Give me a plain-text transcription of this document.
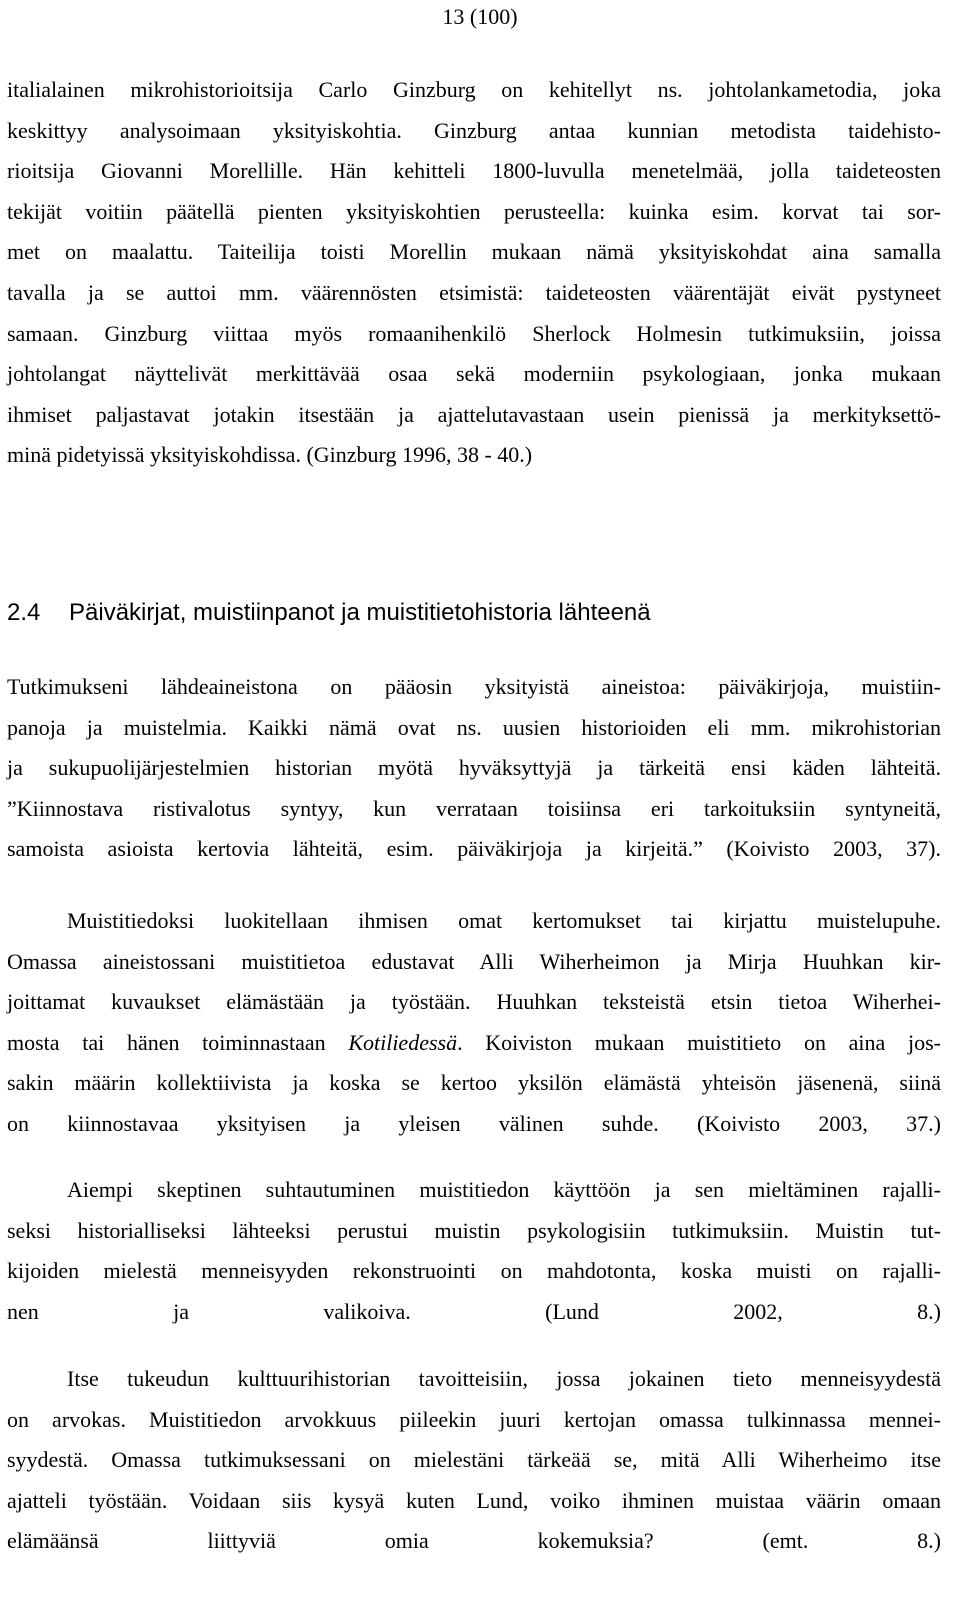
13 (100)
italialainen mikrohistorioitsija Carlo Ginzburg on kehitellyt ns. johtolankametodia, joka
keskittyy analysoimaan yksityiskohtia. Ginzburg antaa kunnian metodista taidehisto-
rioitsija Giovanni Morellille. Hän kehitteli 1800-luvulla menetelmää, jolla taideteosten
tekijät voitiin päätellä pienten yksityiskohtien perusteella: kuinka esim. korvat tai sor-
met on maalattu. Taiteilija toisti Morellin mukaan nämä yksityiskohdat aina samalla
tavalla ja se auttoi mm. väärennösten etsimistä: taideteosten väärentäjät eivät pystyneet
samaan. Ginzburg viittaa myös romaanihenkilö Sherlock Holmesin tutkimuksiin, joissa
johtolangat näyttelivät merkittävää osaa sekä moderniin psykologiaan, jonka mukaan
ihmiset paljastavat jotakin itsestään ja ajattelutavastaan usein pienissä ja merkityksettö-
minä pidetyissä yksityiskohdissa. (Ginzburg 1996, 38 - 40.)
2.4 Päiväkirjat, muistiinpanot ja muistitietohistoria lähteenä
Tutkimukseni lähdeaineistona on pääosin yksityistä aineistoa: päiväkirjoja, muistiin-
panoja ja muistelmia. Kaikki nämä ovat ns. uusien historioiden eli mm. mikrohistorian
ja sukupuolijärjestelmien historian myötä hyväksyttyjä ja tärkeitä ensi käden lähteitä.
”Kiinnostava ristivalotus syntyy, kun verrataan toisiinsa eri tarkoituksiin syntyneitä,
samoista asioista kertovia lähteitä, esim. päiväkirjoja ja kirjeitä.” (Koivisto 2003, 37).
Muistitiedoksi luokitellaan ihmisen omat kertomukset tai kirjattu muistelupuhe.
Omassa aineistossani muistitietoa edustavat Alli Wiherheimon ja Mirja Huuhkan kir-
joittamat kuvaukset elämästään ja työstään. Huuhkan teksteistä etsin tietoa Wiherhei-
mosta tai hänen toiminnastaan Kotiliedessä. Koiviston mukaan muistitieto on aina jos-
sakin määrin kollektiivista ja koska se kertoo yksilön elämästä yhteisön jäsenenä, siinä
on kiinnostavaa yksityisen ja yleisen välinen suhde. (Koivisto 2003, 37.)
Aiempi skeptinen suhtautuminen muistitiedon käyttöön ja sen mieltäminen rajalli-
seksi historialliseksi lähteeksi perustui muistin psykologisiin tutkimuksiin. Muistin tut-
kijoiden mielestä menneisyyden rekonstruointi on mahdotonta, koska muisti on rajalli-
nen ja valikoiva. (Lund 2002, 8.)
Itse tukeudun kulttuurihistorian tavoitteisiin, jossa jokainen tieto menneisyydestä
on arvokas. Muistitiedon arvokkuus piileekin juuri kertojan omassa tulkinnassa mennei-
syydestä. Omassa tutkimuksessani on mielestäni tärkeää se, mitä Alli Wiherheimo itse
ajatteli työstään. Voidaan siis kysyä kuten Lund, voiko ihminen muistaa väärin omaan
elämäänsä liittyviä omia kokemuksia? (emt. 8.)
